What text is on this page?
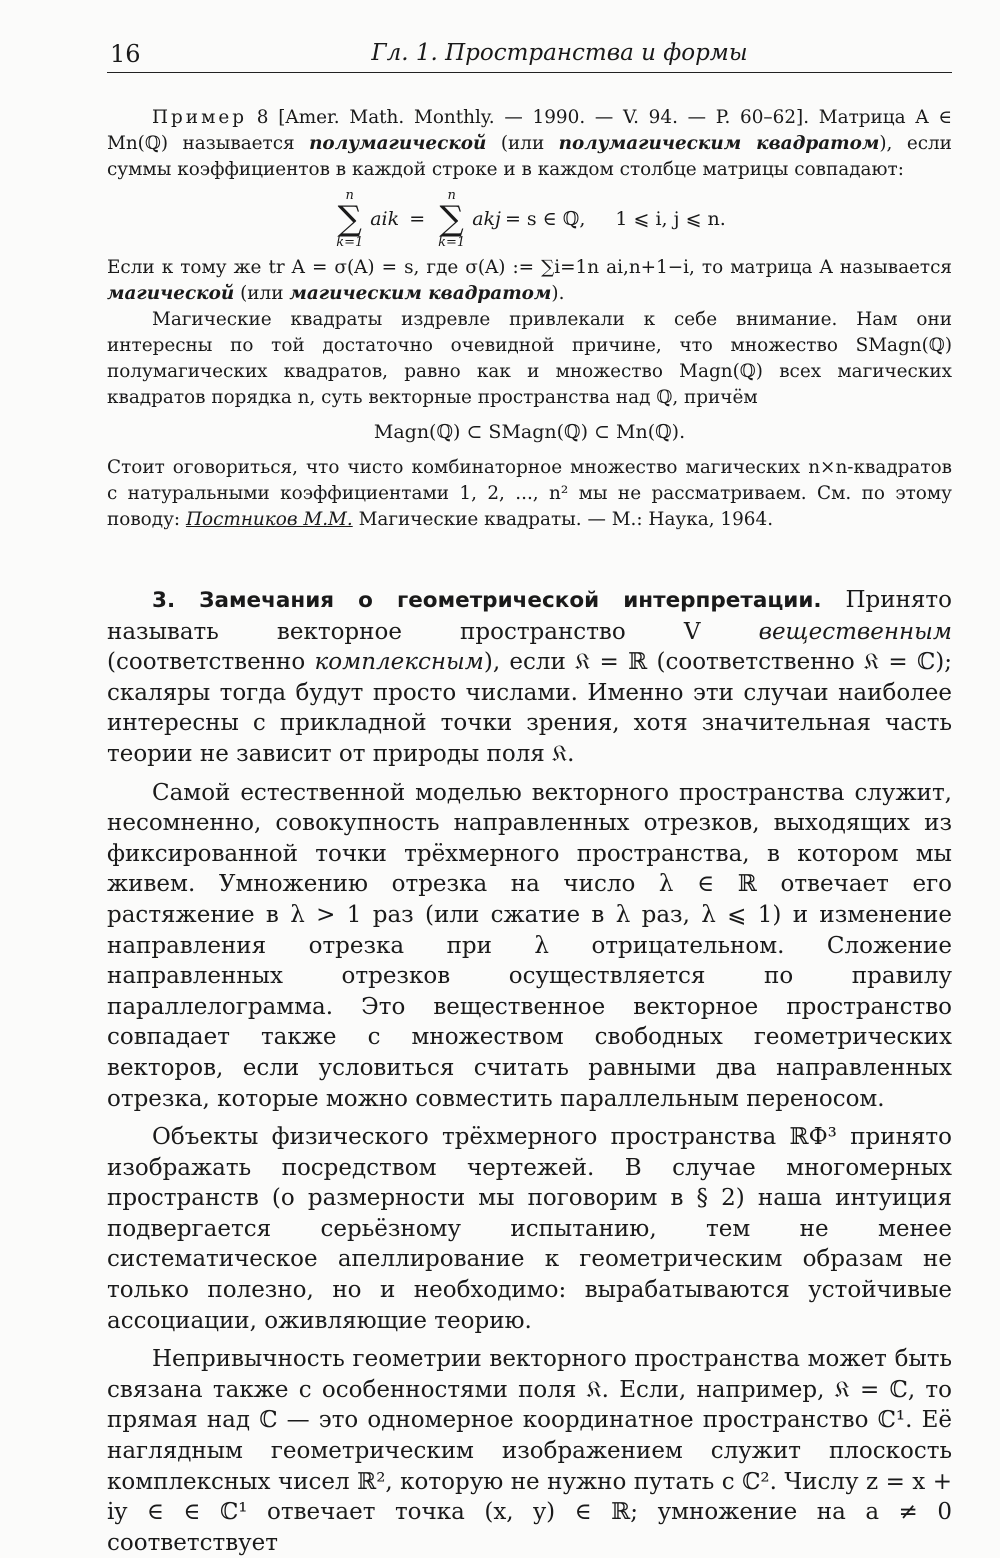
16	Гл. 1. Пространства и формы

Пример 8 [Amer. Math. Monthly. — 1990. — V. 94. — P. 60–62]. Матрица A ∈ Mn(ℚ) называется полумагической (или полумагическим квадратом), если суммы коэффициентов в каждой строке и в каждом столбце матрицы совпадают:

n
∑
k=1
aik =
n
∑
k=1
akj = s ∈ ℚ, 1 ⩽ i, j ⩽ n.

Если к тому же tr A = σ(A) = s, где σ(A) := ∑i=1n ai,n+1−i, то матрица A называется магической (или магическим квадратом).

Магические квадраты издревле привлекали к себе внимание. Нам они интересны по той достаточно очевидной причине, что множество SMagn(ℚ) полумагических квадратов, равно как и множество Magn(ℚ) всех магических квадратов порядка n, суть векторные пространства над ℚ, причём

Magn(ℚ) ⊂ SMagn(ℚ) ⊂ Mn(ℚ).

Стоит оговориться, что чисто комбинаторное множество магических n×n-квадратов с натуральными коэффициентами 1, 2, ..., n² мы не рассматриваем. См. по этому поводу: Постников М.М. Магические квадраты. — М.: Наука, 1964.

3. Замечания о геометрической интерпретации. Принято называть векторное пространство V	вещественным (соответственно комплексным), если 𝔎 = ℝ (соответственно 𝔎 = ℂ); скаляры тогда будут просто числами. Именно эти случаи наиболее интересны с прикладной точки зрения, хотя значительная часть теории не зависит от природы поля 𝔎.

Самой естественной моделью векторного пространства служит, несомненно, совокупность направленных отрезков, выходящих из фиксированной точки трёхмерного пространства, в котором мы живем. Умножению отрезка на число λ ∈ ℝ отвечает его растяжение в λ > 1 раз (или сжатие в λ раз, λ ⩽ 1) и изменение направления отрезка при λ отрицательном. Сложение направленных отрезков осуществляется по правилу параллелограмма. Это вещественное векторное пространство совпадает также с множеством свободных геометрических векторов, если условиться считать равными два направленных отрезка, которые можно совместить параллельным переносом.

Объекты физического трёхмерного пространства ℝФ³ принято изображать посредством чертежей. В случае многомерных пространств (о размерности мы поговорим в § 2) наша интуиция подвергается серьёзному испытанию, тем не менее систематическое апеллирование к геометрическим образам не только полезно, но и необходимо: вырабатываются устойчивые ассоциации, оживляющие теорию.

Непривычность геометрии векторного пространства может быть связана также с особенностями поля 𝔎. Если, например, 𝔎 = ℂ, то прямая над ℂ — это одномерное координатное пространство ℂ¹. Её наглядным геометрическим изображением служит плоскость комплексных чисел ℝ², которую не нужно путать с ℂ². Числу z = x + iy ∈ ∈ ℂ¹ отвечает точка (x, y) ∈ ℝ; умножение на a ≠ 0 соответствует
